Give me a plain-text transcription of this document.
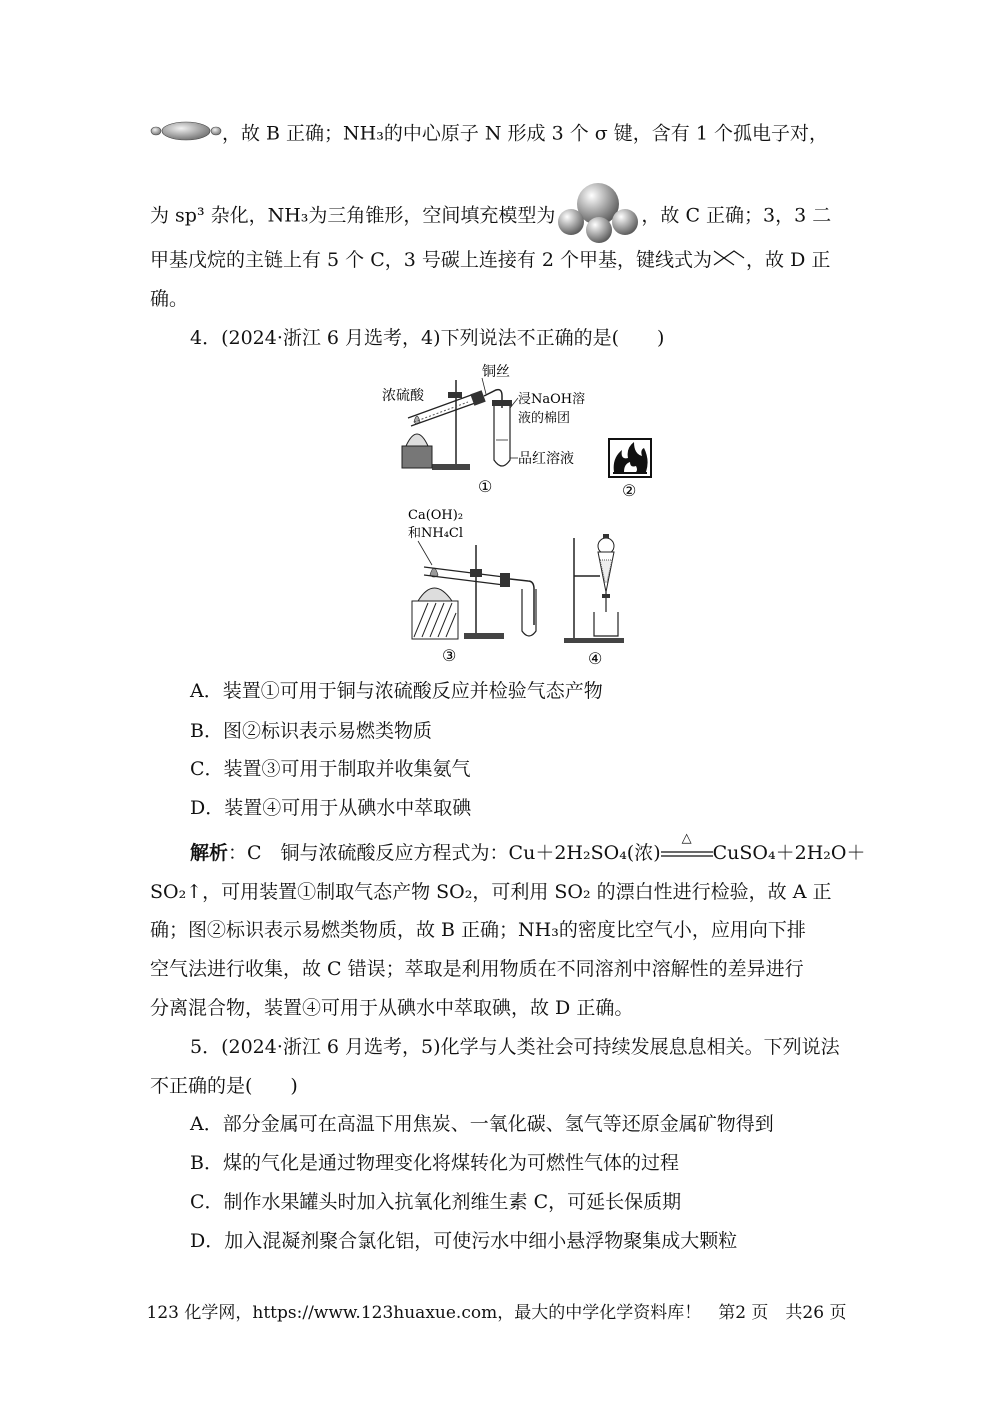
，故 B 正确；NH₃的中心原子 N 形成 3 个 σ 键，含有 1 个孤电子对，
为 sp³ 杂化，NH₃为三角锥形，空间填充模型为	，故 C 正确；3，3 二
甲基戊烷的主链上有 5 个 C，3 号碳上连接有 2 个甲基，键线式为 ，故 D 正
确。
4．(2024·浙江 6 月选考，4)下列说法不正确的是(　　)
浓硫酸
铜丝
浸NaOH溶
液的棉团
品红溶液
①	②
Ca(OH)₂
和NH₄Cl
③	④
A．装置①可用于铜与浓硫酸反应并检验气态产物
B．图②标识表示易燃类物质
C．装置③可用于制取并收集氨气
D．装置④可用于从碘水中萃取碘
解析：C　铜与浓硫酸反应方程式为：Cu＋2H₂SO₄(浓)
△
CuSO₄＋2H₂O＋
SO₂↑，可用装置①制取气态产物 SO₂，可利用 SO₂ 的漂白性进行检验，故 A 正
确；图②标识表示易燃类物质，故 B 正确；NH₃的密度比空气小，应用向下排
空气法进行收集，故 C 错误；萃取是利用物质在不同溶剂中溶解性的差异进行
分离混合物，装置④可用于从碘水中萃取碘，故 D 正确。
5．(2024·浙江 6 月选考，5)化学与人类社会可持续发展息息相关。下列说法
不正确的是(　　)
A．部分金属可在高温下用焦炭、一氧化碳、氢气等还原金属矿物得到
B．煤的气化是通过物理变化将煤转化为可燃性气体的过程
C．制作水果罐头时加入抗氧化剂维生素 C，可延长保质期
D．加入混凝剂聚合氯化铝，可使污水中细小悬浮物聚集成大颗粒
123 化学网，https://www.123huaxue.com，最大的中学化学资料库！　第2 页　共26 页
